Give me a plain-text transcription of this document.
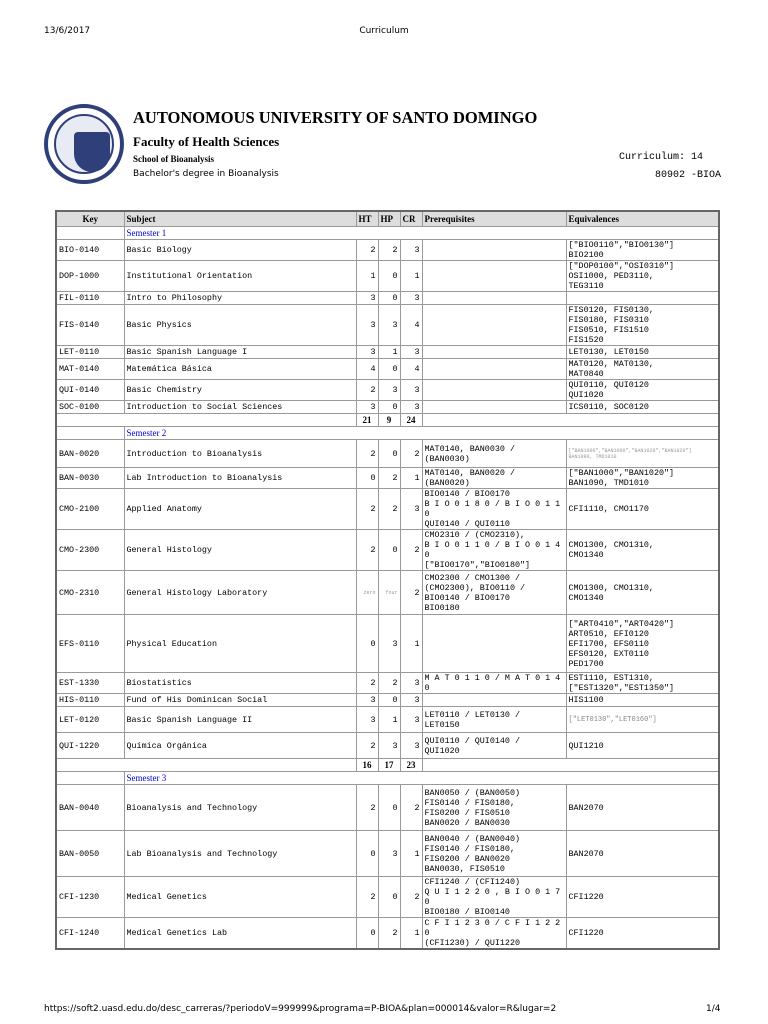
13/6/2017	Curriculum
AUTONOMOUS UNIVERSITY OF SANTO DOMINGO
Faculty of Health Sciences
School of Bioanalysis
Bachelor's degree in Bioanalysis
Curriculum: 14
80902 -BIOA
Key	Subject	HT	HP	CR	Prerequisites	Equivalences
	Semester 1					
BIO-0140	Basic Biology	2	2	3		["BIO0110","BIO0130"]
BIO2100
DOP-1000	Institutional Orientation	1	0	1		["DOP0100","OSI0310"]
OSI1000, PED3110,
TEG3110
FIL-0110	Intro to Philosophy	3	0	3		
FIS-0140	Basic Physics	3	3	4		FIS0120, FIS0130,
FIS0180, FIS0310
FIS0510, FIS1510
FIS1520
LET-0110	Basic Spanish Language I	3	1	3		LET0130, LET0150
MAT-0140	Matemática Básica	4	0	4		MAT0120, MAT0130,
MAT0840
QUI-0140	Basic Chemistry	2	3	3		QUI0110, QUI0120
QUI1020
SOC-0100	Introduction to Social Sciences	3	0	3		ICS0110, SOC0120
		21	9	24		
	Semester 2					
BAN-0020	Introduction to Bioanalysis	2	0	2	MAT0140, BAN0030 /
(BAN0030)	["BAN1000","BAN1000","BAN1020","BAN1020"]
BAN1090, TMD1010
BAN-0030	Lab Introduction to Bioanalysis	0	2	1	MAT0140, BAN0020 /
(BAN0020)	["BAN1000","BAN1020"]
BAN1090, TMD1010
CMO-2100	Applied Anatomy	2	2	3	BIO0140 / BIO0170
B I O 0 1 8 0 / B I O 0 1 1 0
QUI0140 / QUI0110	CFI1110, CMO1170
CMO-2300	General Histology	2	0	2	CMO2310 / (CMO2310),
B I O 0 1 1 0 / B I O 0 1 4 0
["BIO0170","BIO0180"]	CMO1300, CMO1310,
CMO1340
CMO-2310	General Histology Laboratory	zero	four	2	CMO2300 / CMO1300 /
(CMO2300), BIO0110 /
BIO0140 / BIO0170
BIO0180	CMO1300, CMO1310,
CMO1340
EFS-0110	Physical Education	0	3	1		["ART0410","ART0420"]
ART0510, EFI0120
EFI1700, EFS0110
EFS0120, EXT0110
PED1700
EST-1330	Biostatistics	2	2	3	M A T 0 1 1 0 / M A T 0 1 4 0	EST1110, EST1310,
["EST1320","EST1350"]
HIS-0110	Fund of His Dominican Social	3	0	3		HIS1100
LET-0120	Basic Spanish Language II	3	1	3	LET0110 / LET0130 /
LET0150	["LET0130","LET0160"]
QUI-1220	Química Orgánica	2	3	3	QUI0110 / QUI0140 /
QUI1020	QUI1210
		16	17	23		
	Semester 3					
BAN-0040	Bioanalysis and Technology	2	0	2	BAN0050 / (BAN0050)
FIS0140 / FIS0180,
FIS0200 / FIS0510
BAN0020 / BAN0030	BAN2070
BAN-0050	Lab Bioanalysis and Technology	0	3	1	BAN0040 / (BAN0040)
FIS0140 / FIS0180,
FIS0200 / BAN0020
BAN0030, FIS0510	BAN2070
CFI-1230	Medical Genetics	2	0	2	CFI1240 / (CFI1240)
Q U I 1 2 2 0 , B I O 0 1 7 0
BIO0180 / BIO0140	CFI1220
CFI-1240	Medical Genetics Lab	0	2	1	C F I 1 2 3 0 / C F I 1 2 2 0
(CFI1230) / QUI1220	CFI1220
https://soft2.uasd.edu.do/desc_carreras/?periodoV=999999&programa=P-BIOA&plan=000014&valor=R&lugar=2	1/4
